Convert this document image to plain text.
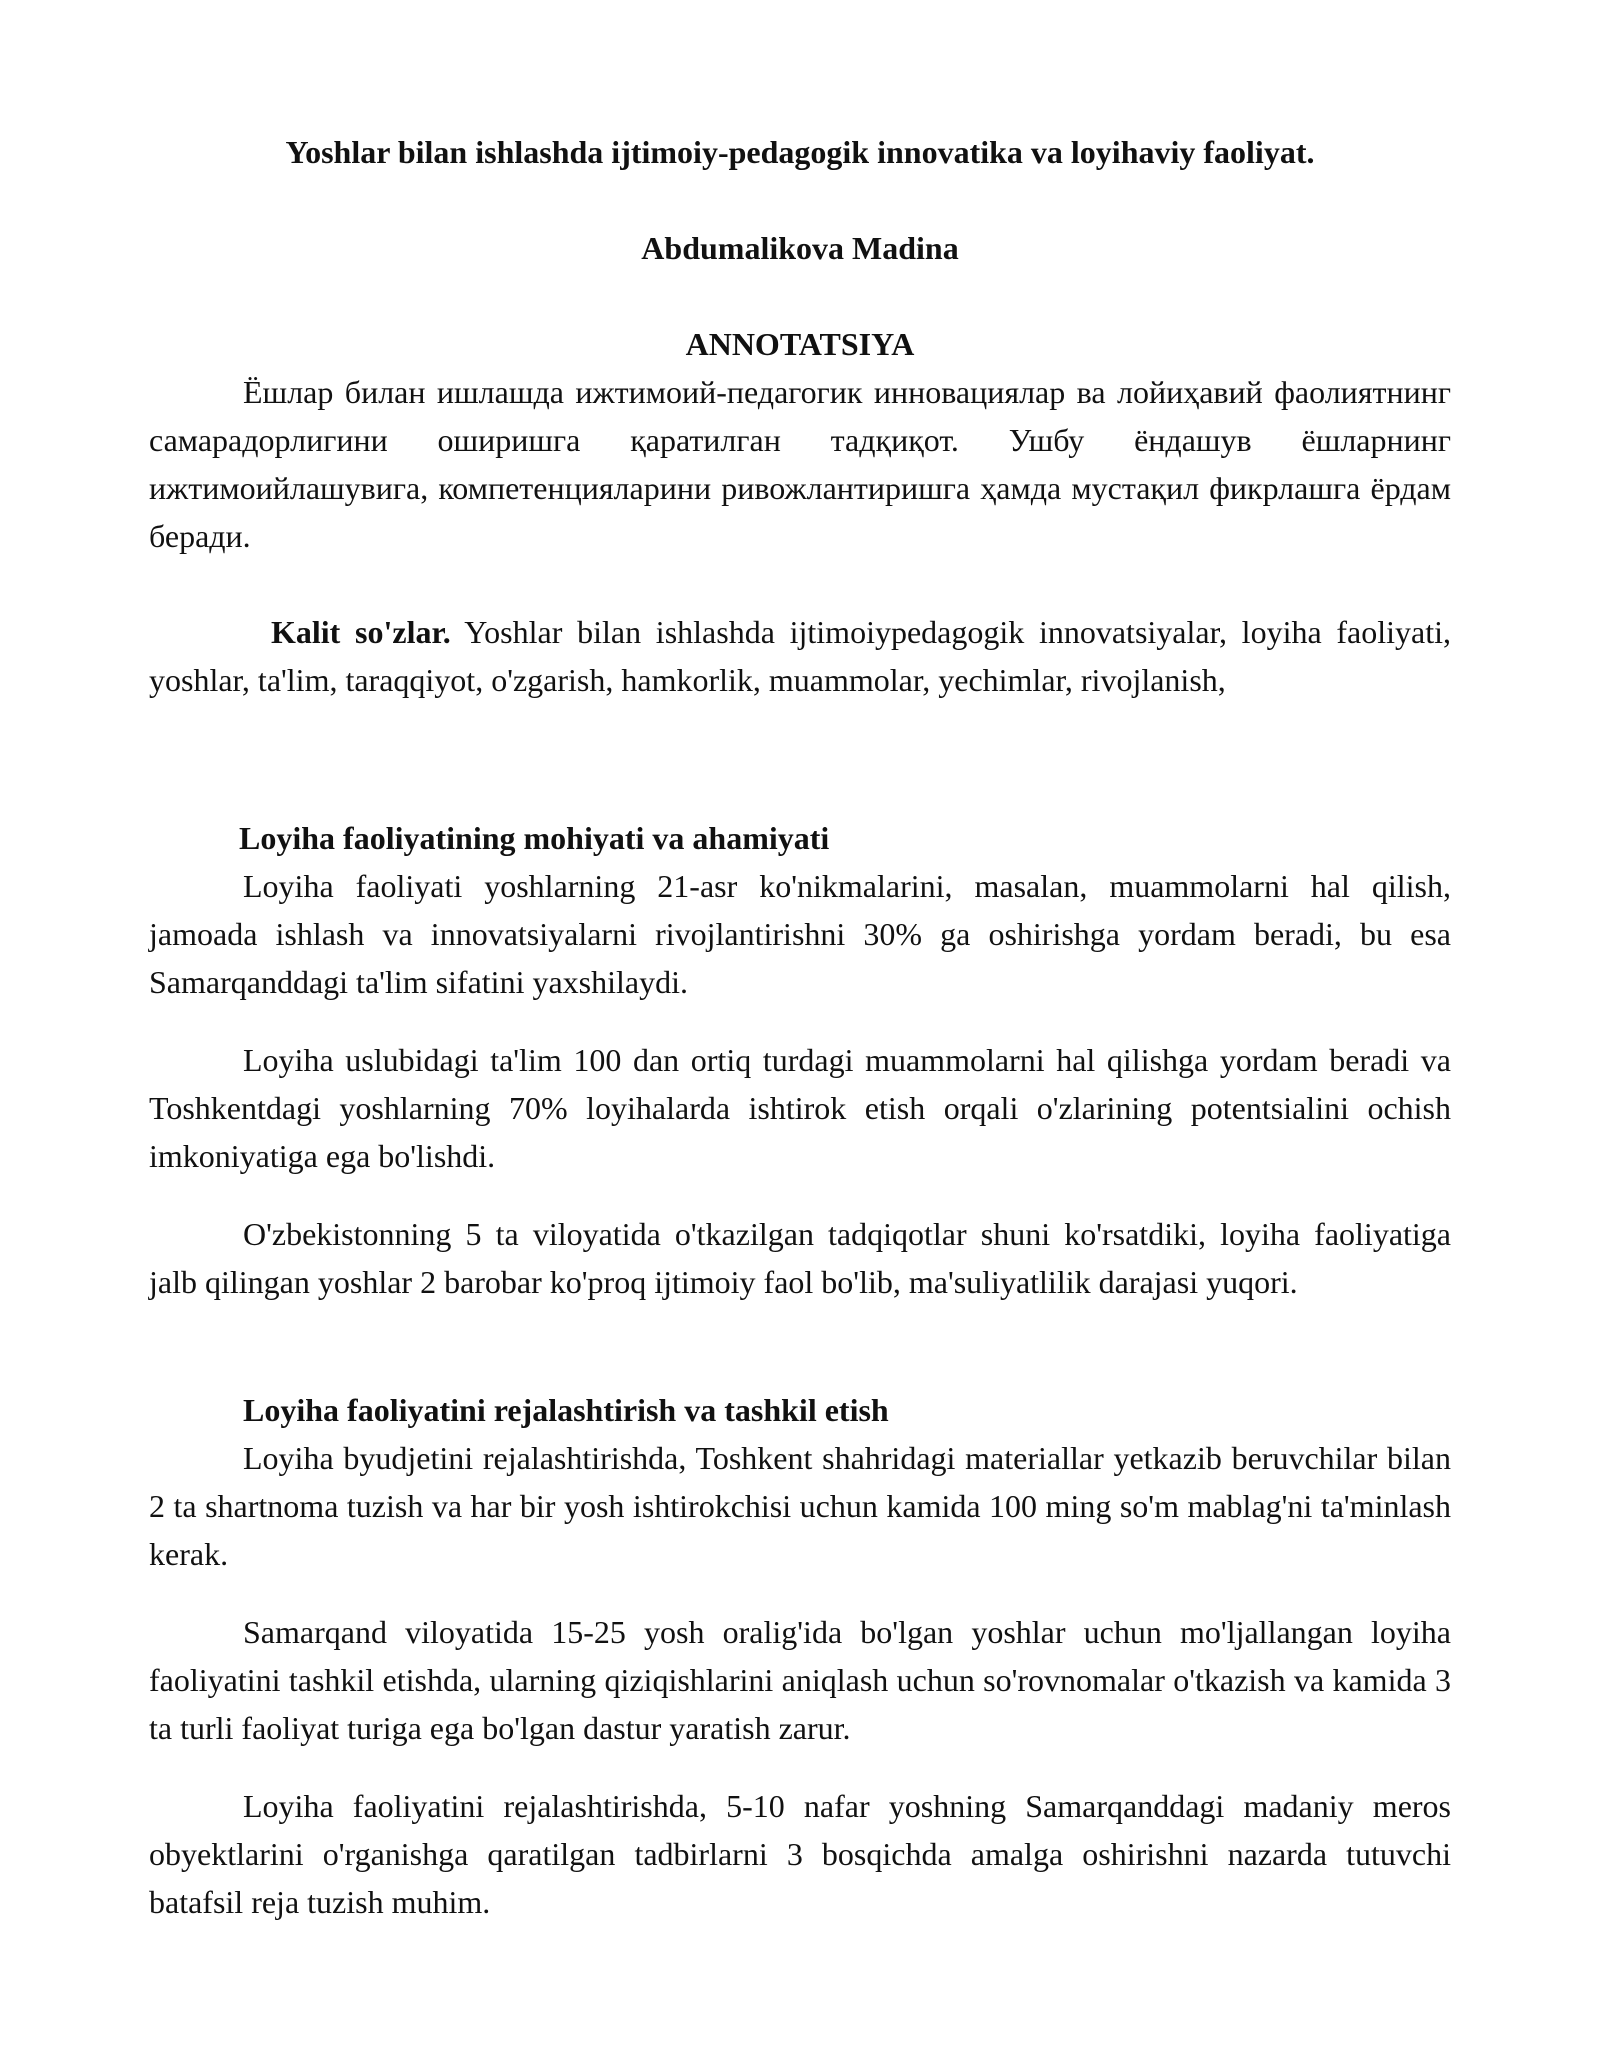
Yoshlar bilan ishlashda ijtimoiy-pedagogik innovatika va loyihaviy faoliyat.
Abdumalikova Madina
ANNOTATSIYA

Ёшлар билан ишлашда ижтимоий-педагогик инновациялар ва лойиҳавий фаолиятнинг самарадорлигини оширишга қаратилган тадқиқот. Ушбу ёндашув ёшларнинг ижтимоийлашувига, компетенцияларини ривожлантиришга ҳамда мустақил фикрлашга ёрдам беради.

Kalit so'zlar. Yoshlar bilan ishlashda ijtimoiypedagogik innovatsiyalar, loyiha faoliyati, yoshlar, ta'lim, taraqqiyot, o'zgarish, hamkorlik, muammolar, yechimlar, rivojlanish,

Loyiha faoliyatining mohiyati va ahamiyati

Loyiha faoliyati yoshlarning 21-asr ko'nikmalarini, masalan, muammolarni hal qilish, jamoada ishlash va innovatsiyalarni rivojlantirishni 30% ga oshirishga yordam beradi, bu esa Samarqanddagi ta'lim sifatini yaxshilaydi.

Loyiha uslubidagi ta'lim 100 dan ortiq turdagi muammolarni hal qilishga yordam beradi va Toshkentdagi yoshlarning 70% loyihalarda ishtirok etish orqali o'zlarining potentsialini ochish imkoniyatiga ega bo'lishdi.

O'zbekistonning 5 ta viloyatida o'tkazilgan tadqiqotlar shuni ko'rsatdiki, loyiha faoliyatiga jalb qilingan yoshlar 2 barobar ko'proq ijtimoiy faol bo'lib, ma'suliyatlilik darajasi yuqori.

Loyiha faoliyatini rejalashtirish va tashkil etish

Loyiha byudjetini rejalashtirishda, Toshkent shahridagi materiallar yetkazib beruvchilar bilan 2 ta shartnoma tuzish va har bir yosh ishtirokchisi uchun kamida 100 ming so'm mablag'ni ta'minlash kerak.

Samarqand viloyatida 15-25 yosh oralig'ida bo'lgan yoshlar uchun mo'ljallangan loyiha faoliyatini tashkil etishda, ularning qiziqishlarini aniqlash uchun so'rovnomalar o'tkazish va kamida 3 ta turli faoliyat turiga ega bo'lgan dastur yaratish zarur.

Loyiha faoliyatini rejalashtirishda, 5-10 nafar yoshning Samarqanddagi madaniy meros obyektlarini o'rganishga qaratilgan tadbirlarni 3 bosqichda amalga oshirishni nazarda tutuvchi batafsil reja tuzish muhim.
